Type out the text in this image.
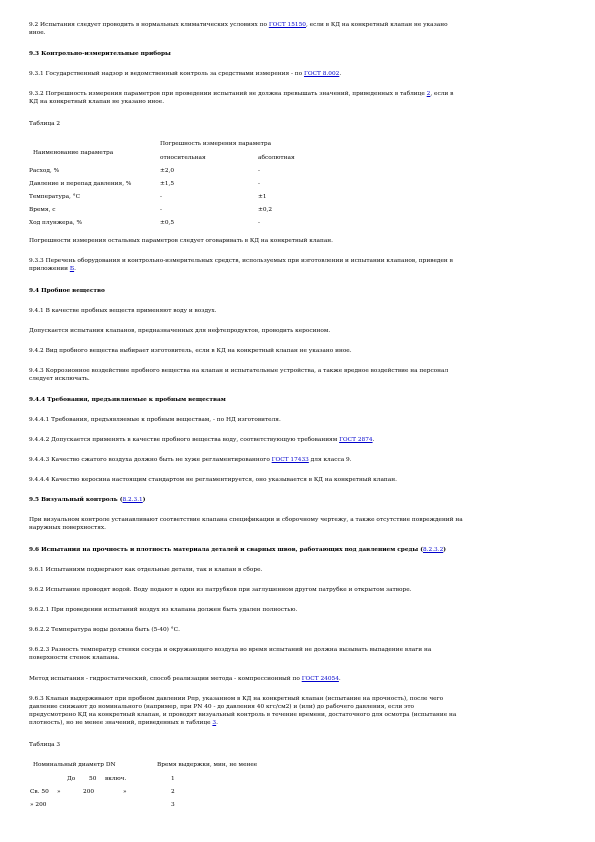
9.2 Испытания следует проводить в нормальных климатических условиях по ГОСТ 15150, если в КД на конкретный клапан не указано
иное.
9.3 Контрольно-измерительные приборы
9.3.1 Государственный надзор и ведомственный контроль за средствами измерения - по ГОСТ 8.002.
9.3.2 Погрешность измерения параметров при проведении испытаний не должна превышать значений, приведенных в таблице 2, если в
КД на конкретный клапан не указано иное.
Таблица 2
Наименование параметра
Погрешность измерения параметра
относительная	абсолютная
Расход, %	±2,0	-
Давление и перепад давления, %	±1,5	-
Температура, °С	-	±1
Время, с	-	±0,2
Ход плунжера, %	±0,5	-
Погрешности измерения остальных параметров следует оговаривать в КД на конкретный клапан.
9.3.3 Перечень оборудования и контрольно-измерительных средств, используемых при изготовлении и испытании клапанов, приведен в
приложении Б.
9.4 Пробное вещество
9.4.1 В качестве пробных веществ применяют воду и воздух.
Допускается испытания клапанов, предназначенных для нефтепродуктов, проводить керосином.
9.4.2 Вид пробного вещества выбирает изготовитель, если в КД на конкретный клапан не указано иное.
9.4.3 Коррозионное воздействие пробного вещества на клапан и испытательные устройства, а также вредное воздействие на персонал
следует исключать.
9.4.4 Требования, предъявляемые к пробным веществам
9.4.4.1 Требования, предъявляемые к пробным веществам, - по НД изготовителя.
9.4.4.2 Допускается применять в качестве пробного вещества воду, соответствующую требованиям ГОСТ 2874.
9.4.4.3 Качество сжатого воздуха должно быть не хуже регламентированного ГОСТ 17433 для класса 9.
9.4.4.4 Качество керосина настоящим стандартом не регламентируется, оно указывается в КД на конкретный клапан.
9.5 Визуальный контроль (8.2.3.1)
При визуальном контроле устанавливают соответствие клапана спецификации и сборочному чертежу, а также отсутствие повреждений на
наружных поверхностях.
9.6 Испытания на прочность и плотность материала деталей и сварных швов, работающих под давлением среды (8.2.3.2)
9.6.1 Испытаниям подвергают как отдельные детали, так и клапан в сборе.
9.6.2 Испытание проводят водой. Воду подают в один из патрубков при заглушенном другом патрубке и открытом затворе.
9.6.2.1 При проведении испытаний воздух из клапана должен быть удален полностью.
9.6.2.2 Температура воды должна быть (5-40) °С.
9.6.2.3 Разность температур стенки сосуда и окружающего воздуха во время испытаний не должна вызывать выпадение влаги на
поверхности стенок клапана.
Метод испытания - гидростатический, способ реализации метода - компрессионный по ГОСТ 24054.
9.6.3 Клапан выдерживают при пробном давлении Рпр, указанном в КД на конкретный клапан (испытание на прочность), после чего
давление снижают до номинального (например, при PN 40 - до давления 40 кгс/см2) и (или) до рабочего давления, если это
предусмотрено КД на конкретный клапан, и проводят визуальный контроль в течение времени, достаточного для осмотра (испытание на
плотность), но не менее значений, приведенных в таблице 3.
Таблица 3
Номинальный диаметр DN	Время выдержки, мин, не менее
До 50 включ.	1
Св. 50 »	200	»	2
» 200	3
